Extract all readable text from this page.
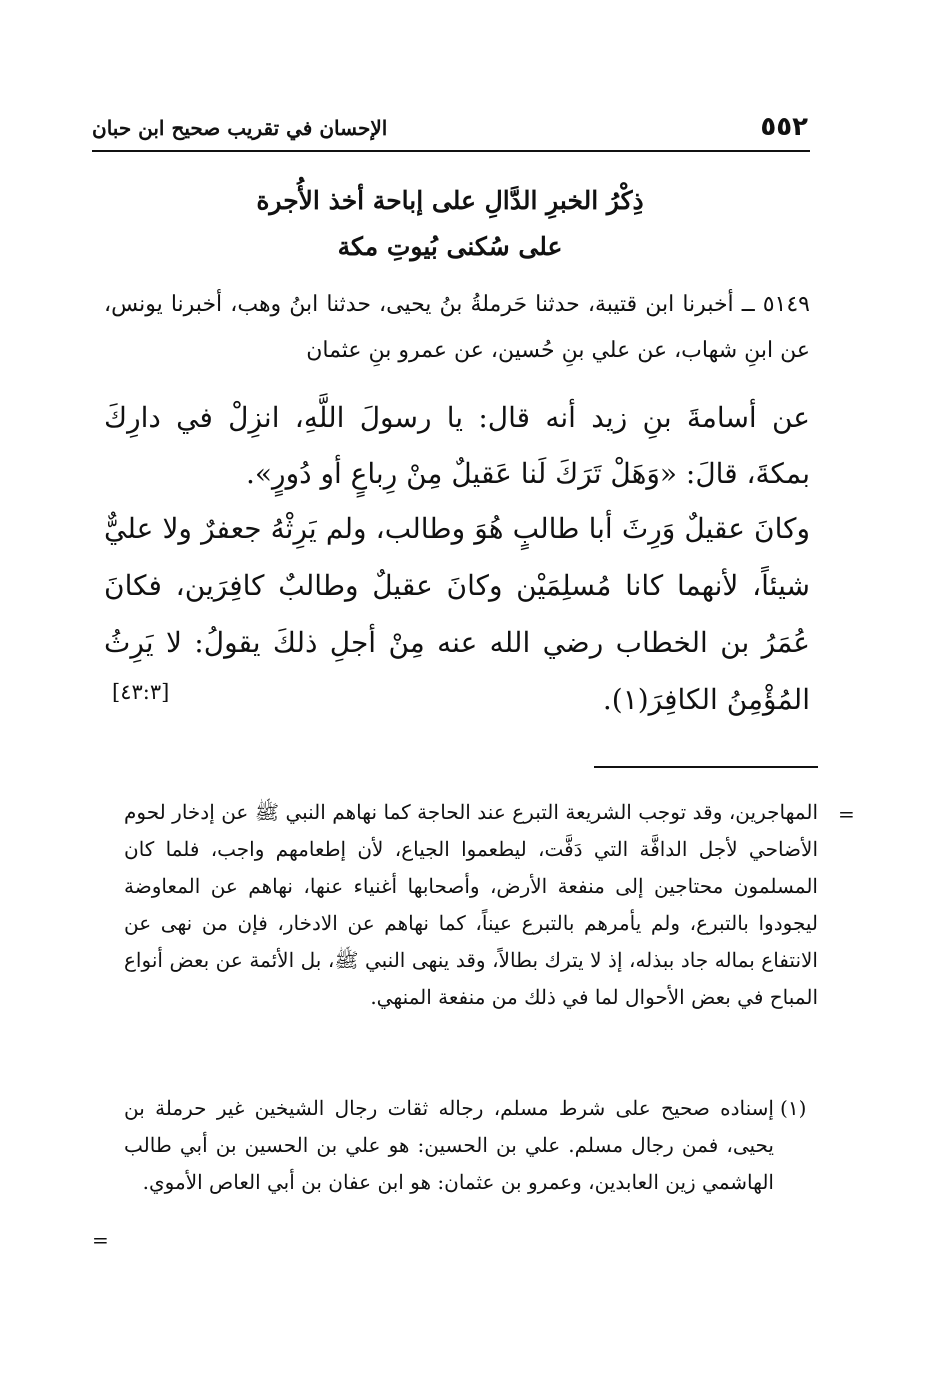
٥٥٢
الإحسان في تقريب صحيح ابن حبان
ذِكْرُ الخبرِ الدَّالِ على إباحة أخذ الأُجرة
على سُكنى بُيوتِ مكة
٥١٤٩ ــ أخبرنا ابن قتيبة، حدثنا حَرملةُ بنُ يحيى، حدثنا ابنُ وهب، أخبرنا يونس، عن ابنِ شهاب، عن علي بنِ حُسين، عن عمرو بنِ عثمان
عن أسامةَ بنِ زيد أنه قال: يا رسولَ اللَّهِ، انزِلْ في دارِكَ بمكةَ، قالَ: «وَهَلْ تَرَكَ لَنا عَقيلٌ مِنْ رِباعٍ أو دُورٍ».
وكانَ عقيلٌ وَرِثَ أبا طالبٍ هُوَ وطالب، ولم يَرِثْهُ جعفرٌ ولا عليٌّ شيئاً، لأنهما كانا مُسلِمَيْن وكانَ عقيلٌ وطالبٌ كافِرَين، فكانَ عُمَرُ بن الخطاب رضي الله عنه مِنْ أجلِ ذلكَ يقولُ: لا يَرِثُ المُؤْمِنُ الكافِرَ(١).
[٤٣:٣]
=
المهاجرين، وقد توجب الشريعة التبرع عند الحاجة كما نهاهم النبي ﷺ عن إدخار لحوم الأضاحي لأجل الدافَّة التي دَفَّت، ليطعموا الجياع، لأن إطعامهم واجب، فلما كان المسلمون محتاجين إلى منفعة الأرض، وأصحابها أغنياء عنها، نهاهم عن المعاوضة ليجودوا بالتبرع، ولم يأمرهم بالتبرع عيناً، كما نهاهم عن الادخار، فإن من نهى عن الانتفاع بماله جاد ببذله، إذ لا يترك بطالاً، وقد ينهى النبي ﷺ، بل الأئمة عن بعض أنواع المباح في بعض الأحوال لما في ذلك من منفعة المنهي.
(١)
إسناده صحيح على شرط مسلم، رجاله ثقات رجال الشيخين غير حرملة بن يحيى، فمن رجال مسلم. علي بن الحسين: هو علي بن الحسين بن أبي طالب الهاشمي زين العابدين، وعمرو بن عثمان: هو ابن عفان بن أبي العاص الأموي.
=
